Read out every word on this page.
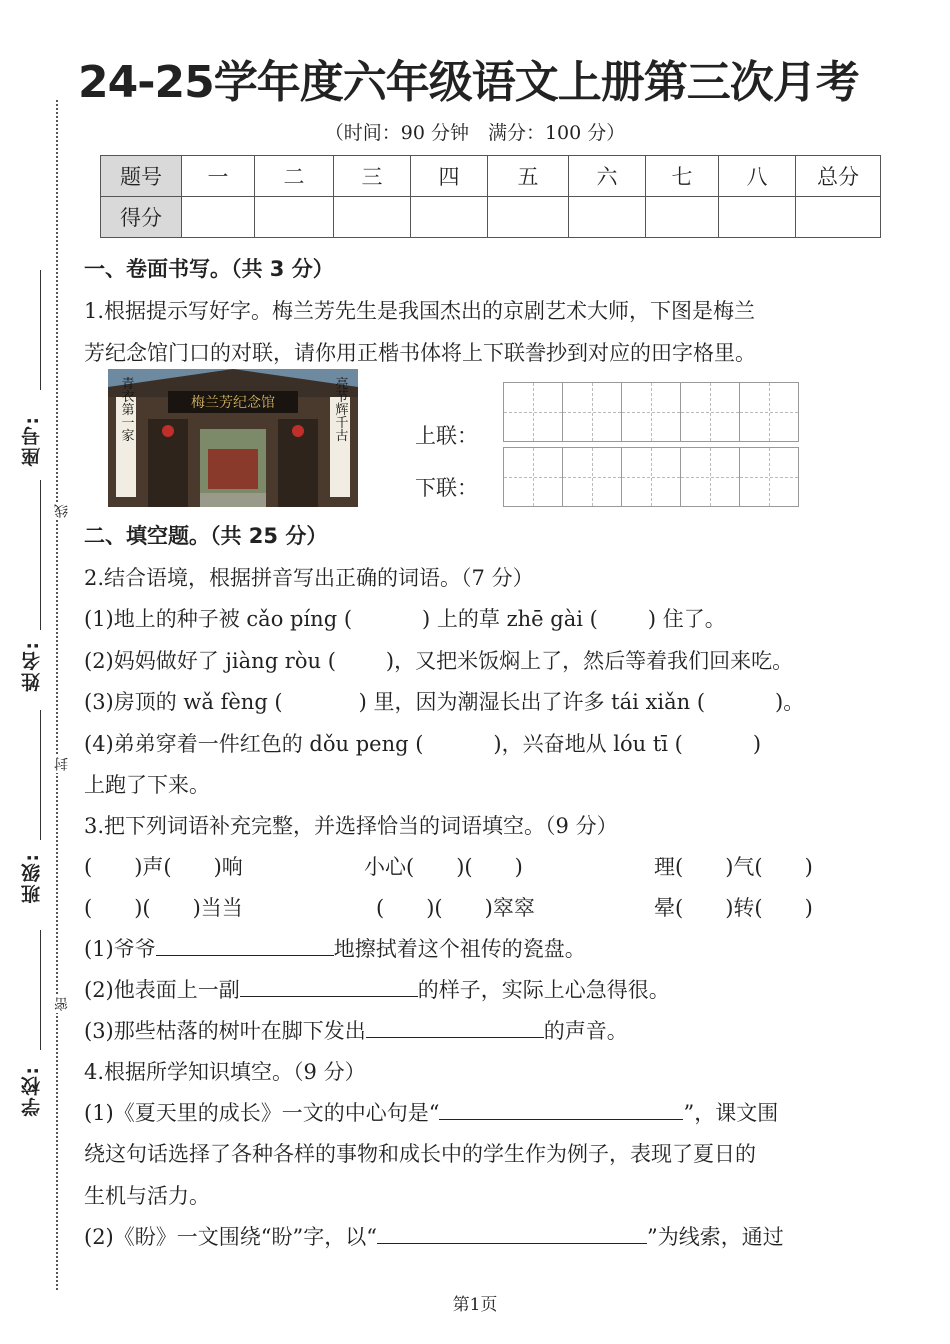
座号:
姓名:
班级:
学校:
线
封
密
24-25学年度六年级语文上册第三次月考
（时间：90 分钟　满分：100 分）
题号	一	二	三	四	五	六	七	八	总分
得分									
一、卷面书写。（共 3 分）
1.根据提示写好字。梅兰芳先生是我国杰出的京剧艺术大师，下图是梅兰
芳纪念馆门口的对联，请你用正楷书体将上下联誊抄到对应的田字格里。
梅兰芳纪念馆
青衣第一家	亮节辉千古	上联：
下联：
二、填空题。（共 25 分）
2.结合语境，根据拼音写出正确的词语。（7 分）
(1)地上的种子被 cǎo píng (	) 上的草 zhē gài ( ) 住了。
(2)妈妈做好了 jiàng ròu ( )，又把米饭焖上了，然后等着我们回来吃。
(3)房顶的 wǎ fèng (	) 里，因为潮湿长出了许多 tái xiǎn (	)。
(4)弟弟穿着一件红色的 dǒu peng (	)，兴奋地从 lóu tī (	)
上跑了下来。
3.把下列词语补充完整，并选择恰当的词语填空。（9 分）
(　　)声(　　)响	小心(　　)(　　)	理(　　)气(　　)
(　　)(　　)当当	(　　)(　　)窣窣	晕(　　)转(　　)
(1)爷爷	地擦拭着这个祖传的瓷盘。
(2)他表面上一副	的样子，实际上心急得很。
(3)那些枯落的树叶在脚下发出	的声音。
4.根据所学知识填空。（9 分）
(1)《夏天里的成长》一文的中心句是“	”，课文围
绕这句话选择了各种各样的事物和成长中的学生作为例子，表现了夏日的
生机与活力。
(2)《盼》一文围绕“盼”字，以“	”为线索，通过
第1页
